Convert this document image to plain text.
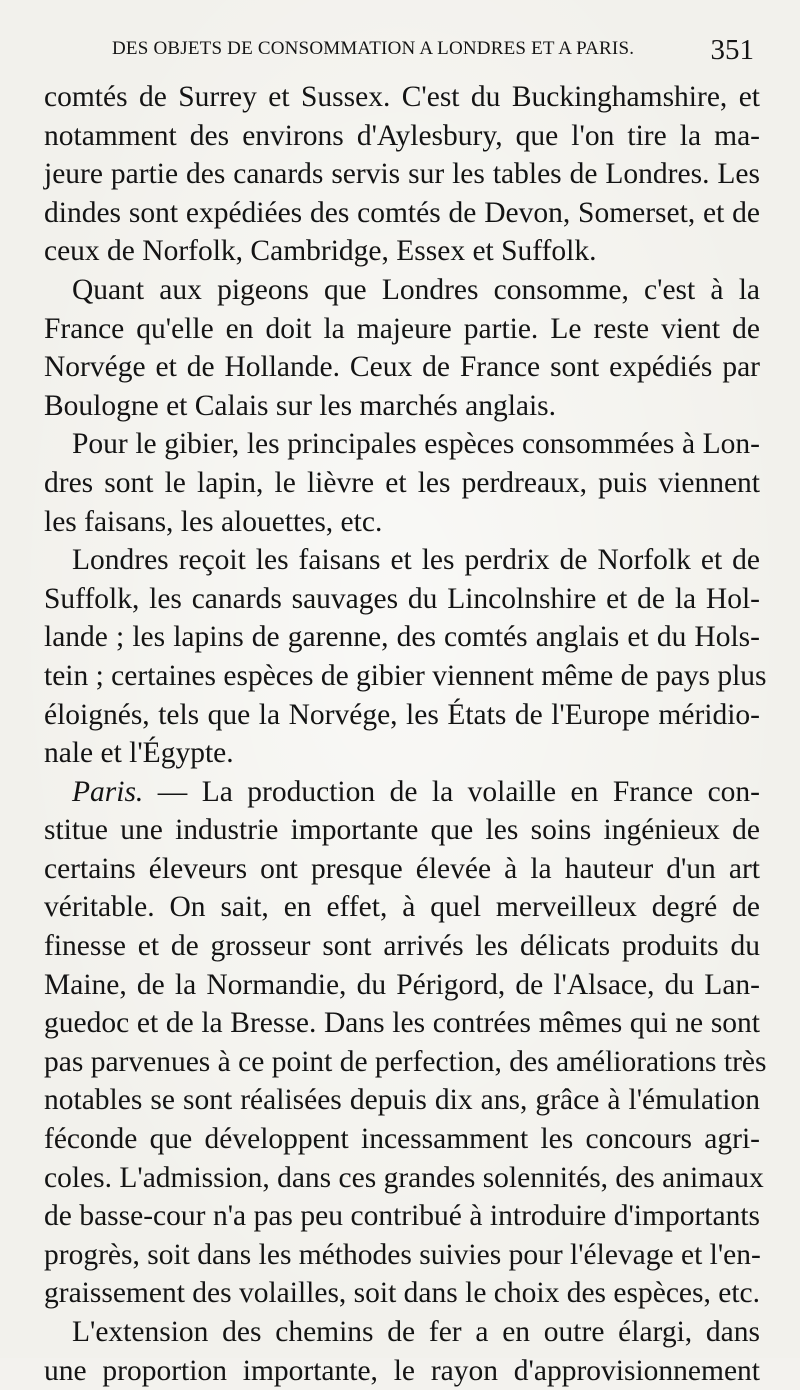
DES OBJETS DE CONSOMMATION A LONDRES ET A PARIS.	351

comtés de Surrey et Sussex. C'est du Buckinghamshire, et
notamment des environs d'Aylesbury, que l'on tire la ma-
jeure partie des canards servis sur les tables de Londres. Les
dindes sont expédiées des comtés de Devon, Somerset, et de
ceux de Norfolk, Cambridge, Essex et Suffolk.

Quant aux pigeons que Londres consomme, c'est à la
France qu'elle en doit la majeure partie. Le reste vient de
Norvége et de Hollande. Ceux de France sont expédiés par
Boulogne et Calais sur les marchés anglais.

Pour le gibier, les principales espèces consommées à Lon-
dres sont le lapin, le lièvre et les perdreaux, puis viennent
les faisans, les alouettes, etc.

Londres reçoit les faisans et les perdrix de Norfolk et de
Suffolk, les canards sauvages du Lincolnshire et de la Hol-
lande ; les lapins de garenne, des comtés anglais et du Hols-
tein ; certaines espèces de gibier viennent même de pays plus
éloignés, tels que la Norvége, les États de l'Europe méridio-
nale et l'Égypte.

Paris. — La production de la volaille en France con-
stitue une industrie importante que les soins ingénieux de
certains éleveurs ont presque élevée à la hauteur d'un art
véritable. On sait, en effet, à quel merveilleux degré de
finesse et de grosseur sont arrivés les délicats produits du
Maine, de la Normandie, du Périgord, de l'Alsace, du Lan-
guedoc et de la Bresse. Dans les contrées mêmes qui ne sont
pas parvenues à ce point de perfection, des améliorations très
notables se sont réalisées depuis dix ans, grâce à l'émulation
féconde que développent incessamment les concours agri-
coles. L'admission, dans ces grandes solennités, des animaux
de basse-cour n'a pas peu contribué à introduire d'importants
progrès, soit dans les méthodes suivies pour l'élevage et l'en-
graissement des volailles, soit dans le choix des espèces, etc.

L'extension des chemins de fer a en outre élargi, dans
une proportion importante, le rayon d'approvisionnement
